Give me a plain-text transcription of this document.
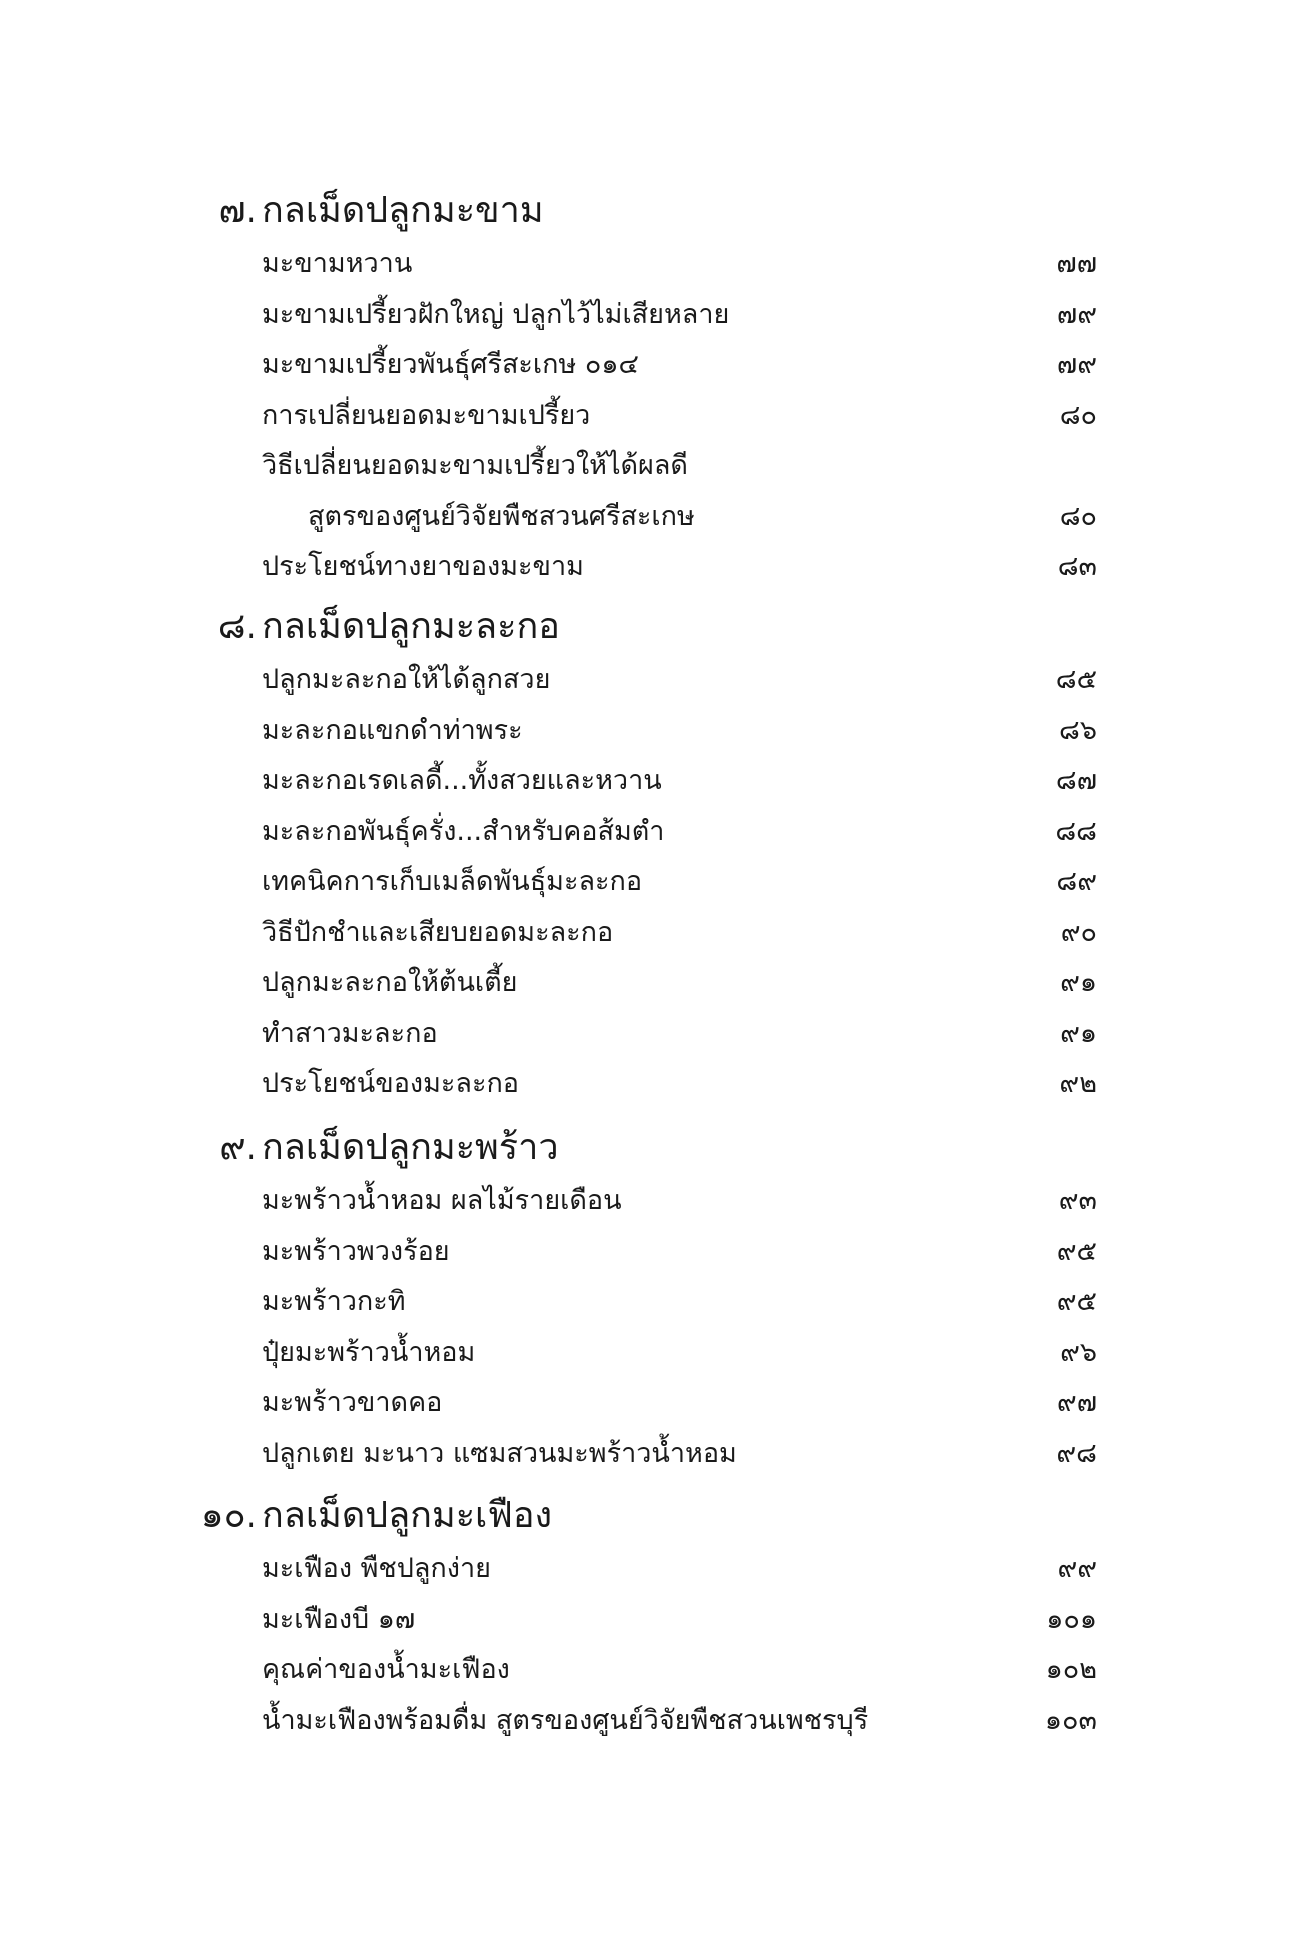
๗. กลเม็ดปลูกมะขาม
มะขามหวาน	๗๗
มะขามเปรี้ยวฝักใหญ่ ปลูกไว้ไม่เสียหลาย	๗๙
มะขามเปรี้ยวพันธุ์ศรีสะเกษ ๐๑๔	๗๙
การเปลี่ยนยอดมะขามเปรี้ยว	๘๐
วิธีเปลี่ยนยอดมะขามเปรี้ยวให้ได้ผลดี
สูตรของศูนย์วิจัยพืชสวนศรีสะเกษ	๘๐
ประโยชน์ทางยาของมะขาม	๘๓
๘. กลเม็ดปลูกมะละกอ
ปลูกมะละกอให้ได้ลูกสวย	๘๕
มะละกอแขกดำท่าพระ	๘๖
มะละกอเรดเลดี้...ทั้งสวยและหวาน	๘๗
มะละกอพันธุ์ครั่ง...สำหรับคอส้มตำ	๘๘
เทคนิคการเก็บเมล็ดพันธุ์มะละกอ	๘๙
วิธีปักชำและเสียบยอดมะละกอ	๙๐
ปลูกมะละกอให้ต้นเตี้ย	๙๑
ทำสาวมะละกอ	๙๑
ประโยชน์ของมะละกอ	๙๒
๙. กลเม็ดปลูกมะพร้าว
มะพร้าวน้ำหอม ผลไม้รายเดือน	๙๓
มะพร้าวพวงร้อย	๙๕
มะพร้าวกะทิ	๙๕
ปุ๋ยมะพร้าวน้ำหอม	๙๖
มะพร้าวขาดคอ	๙๗
ปลูกเตย มะนาว แซมสวนมะพร้าวน้ำหอม	๙๘
๑๐. กลเม็ดปลูกมะเฟือง
มะเฟือง พืชปลูกง่าย	๙๙
มะเฟืองบี ๑๗	๑๐๑
คุณค่าของน้ำมะเฟือง	๑๐๒
น้ำมะเฟืองพร้อมดื่ม สูตรของศูนย์วิจัยพืชสวนเพชรบุรี	๑๐๓
